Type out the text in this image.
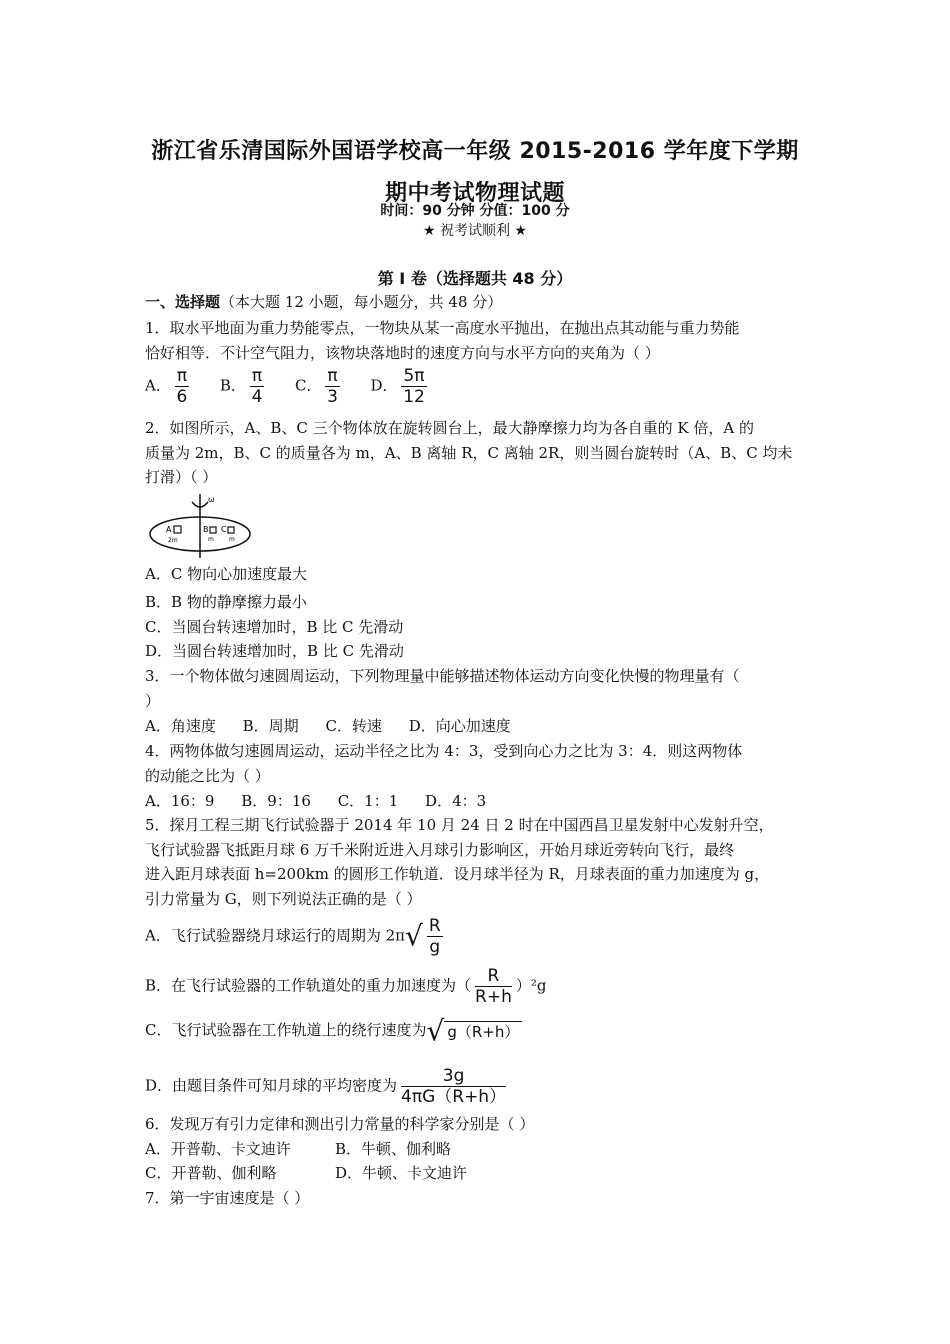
浙江省乐清国际外国语学校高一年级 2015-2016 学年度下学期
期中考试物理试题
时间：90 分钟 分值：100 分
★ 祝考试顺利 ★
第 I 卷（选择题共 48 分）
一、选择题（本大题 12 小题，每小题分，共 48 分）
1．取水平地面为重力势能零点，一物块从某一高度水平抛出，在抛出点其动能与重力势能
恰好相等．不计空气阻力，该物块落地时的速度方向与水平方向的夹角为（ ）
A． $\frac{\pi}{6}$ B． $\frac{\pi}{4}$ C． $\frac{\pi}{3}$ D． $\frac{5\pi}{12}$
2．如图所示，A、B、C 三个物体放在旋转圆台上，最大静摩擦力均为各自重的 K 倍，A 的
质量为 2m，B、C 的质量各为 m，A、B 离轴 R，C 离轴 2R，则当圆台旋转时（A、B、C 均未
打滑）（ ）
ω
A	B C
2m	m	m
A．C 物向心加速度最大
B．B 物的静摩擦力最小
C．当圆台转速增加时，B 比 C 先滑动
D．当圆台转速增加时，B 比 C 先滑动
3．一个物体做匀速圆周运动，下列物理量中能够描述物体运动方向变化快慢的物理量有（
）
A．角速度 B．周期 C．转速 D．向心加速度
4．两物体做匀速圆周运动，运动半径之比为 4：3，受到向心力之比为 3：4．则这两物体
的动能之比为（ ）
A．16：9 B．9：16 C．1：1 D．4：3
5．探月工程三期飞行试验器于 2014 年 10 月 24 日 2 时在中国西昌卫星发射中心发射升空，
飞行试验器飞抵距月球 6 万千米附近进入月球引力影响区，开始月球近旁转向飞行，最终
进入距月球表面 h=200km 的圆形工作轨道．设月球半径为 R，月球表面的重力加速度为 g，
引力常量为 G，则下列说法正确的是（ ）
A．飞行试验器绕月球运行的周期为 $2\pi√ \frac{R}{g}$
B．在飞行试验器的工作轨道处的重力加速度为（ $\frac{R}{R+h} )^2g$
C．飞行试验器在工作轨道上的绕行速度为√ g（R+h）
D．由题目条件可知月球的平均密度为 $\frac{3g}{4\pi G(R+h)}$
6．发现万有引力定律和测出引力常量的科学家分别是（ ）
A．开普勒、卡文迪许	B．牛顿、伽利略
C．开普勒、伽利略	D．牛顿、卡文迪许
7．第一宇宙速度是（ ）
